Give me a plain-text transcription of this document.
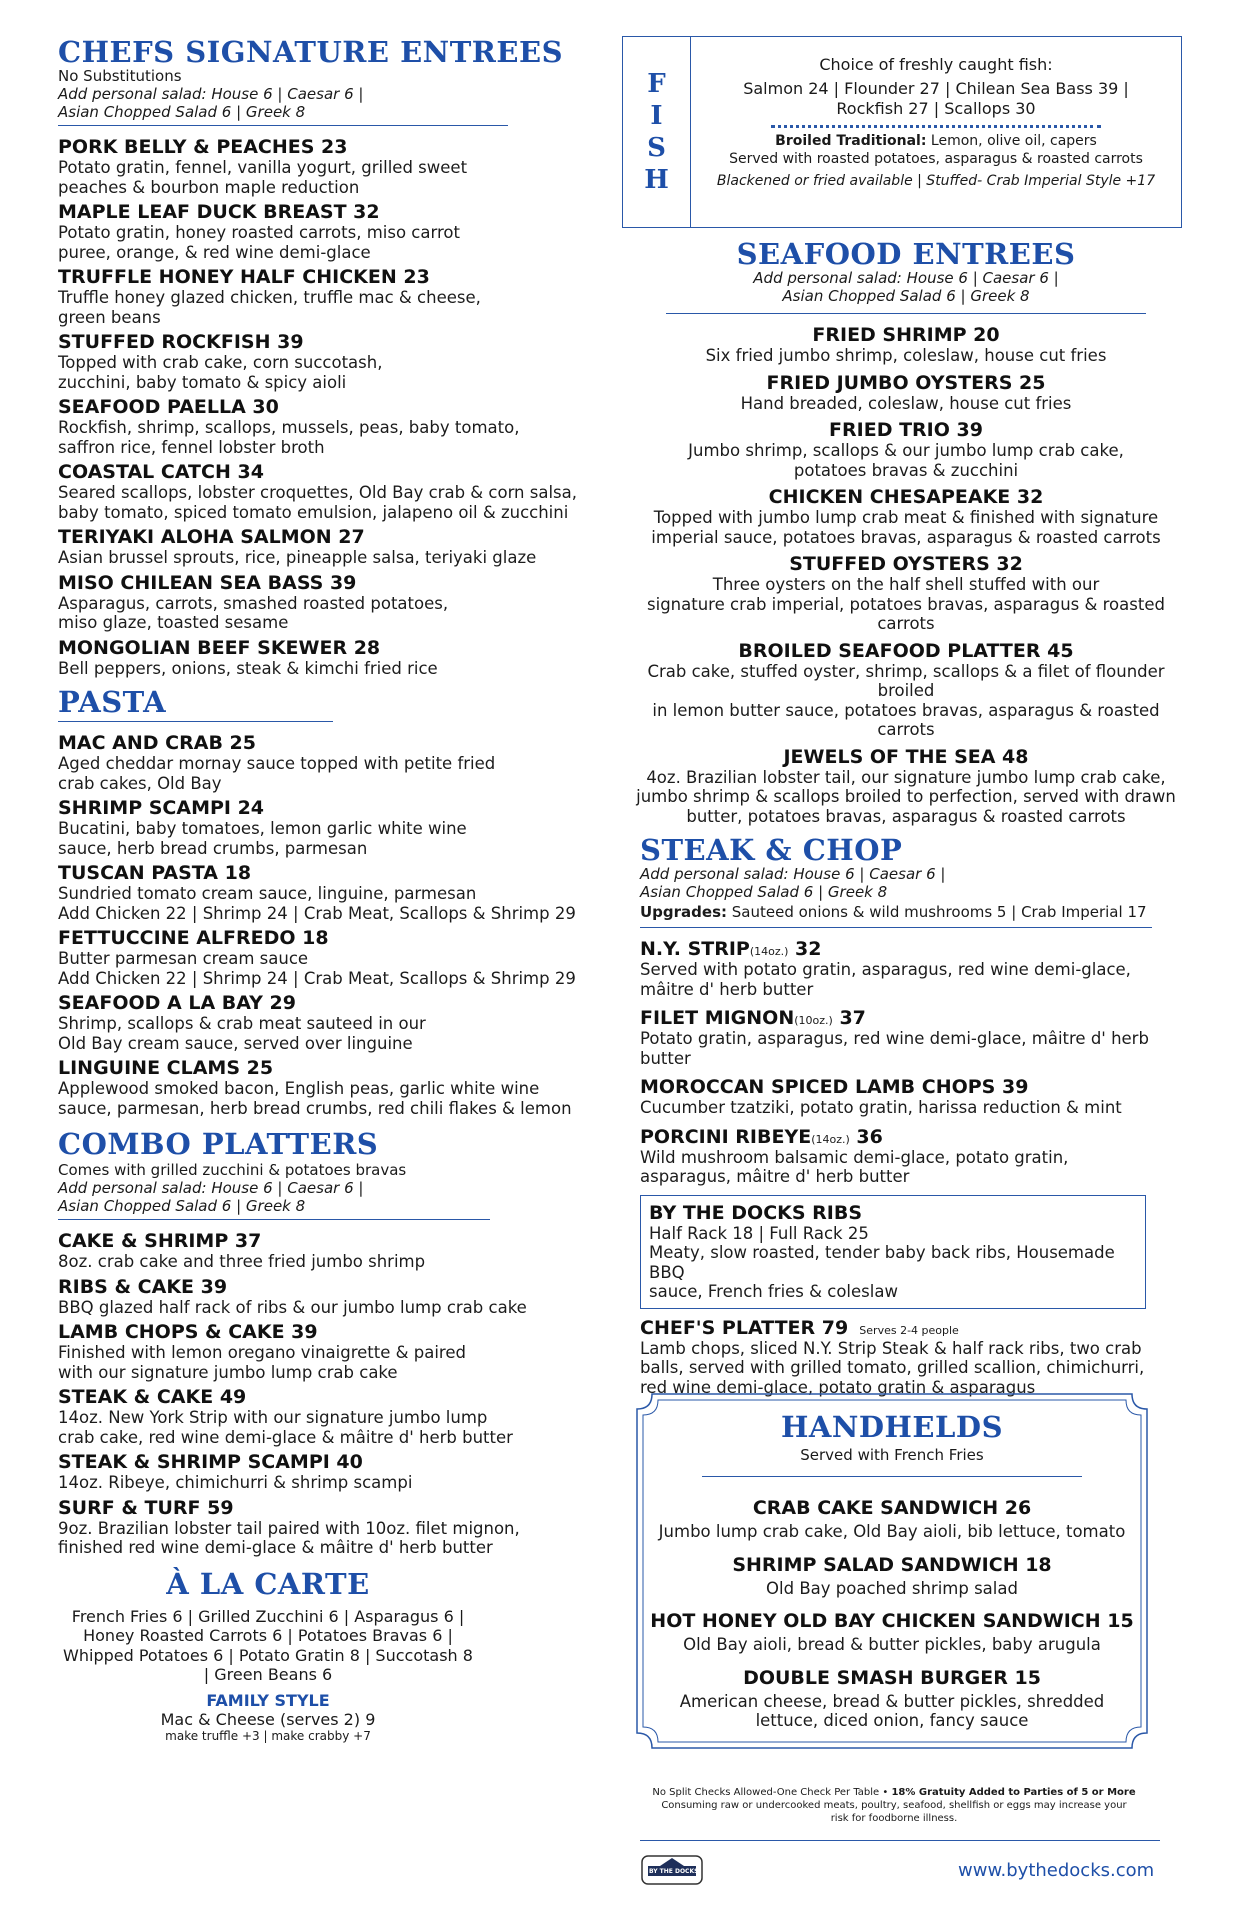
CHEFS SIGNATURE ENTREES
No Substitutions
Add personal salad: House 6 | Caesar 6 |
Asian Chopped Salad 6 | Greek 8
PORK BELLY & PEACHES 23
Potato gratin, fennel, vanilla yogurt, grilled sweet
peaches & bourbon maple reduction
MAPLE LEAF DUCK BREAST 32
Potato gratin, honey roasted carrots, miso carrot
puree, orange, & red wine demi-glace
TRUFFLE HONEY HALF CHICKEN 23
Truffle honey glazed chicken, truffle mac & cheese,
green beans
STUFFED ROCKFISH 39
Topped with crab cake, corn succotash,
zucchini, baby tomato & spicy aioli
SEAFOOD PAELLA 30
Rockfish, shrimp, scallops, mussels, peas, baby tomato,
saffron rice, fennel lobster broth
COASTAL CATCH 34
Seared scallops, lobster croquettes, Old Bay crab & corn salsa,
baby tomato, spiced tomato emulsion, jalapeno oil & zucchini
TERIYAKI ALOHA SALMON 27
Asian brussel sprouts, rice, pineapple salsa, teriyaki glaze
MISO CHILEAN SEA BASS 39
Asparagus, carrots, smashed roasted potatoes,
miso glaze, toasted sesame
MONGOLIAN BEEF SKEWER 28
Bell peppers, onions, steak & kimchi fried rice
PASTA
MAC AND CRAB 25
Aged cheddar mornay sauce topped with petite fried
crab cakes, Old Bay
SHRIMP SCAMPI 24
Bucatini, baby tomatoes, lemon garlic white wine
sauce, herb bread crumbs, parmesan
TUSCAN PASTA 18
Sundried tomato cream sauce, linguine, parmesan
Add Chicken 22 | Shrimp 24 | Crab Meat, Scallops & Shrimp 29
FETTUCCINE ALFREDO 18
Butter parmesan cream sauce
Add Chicken 22 | Shrimp 24 | Crab Meat, Scallops & Shrimp 29
SEAFOOD A LA BAY 29
Shrimp, scallops & crab meat sauteed in our
Old Bay cream sauce, served over linguine
LINGUINE CLAMS 25
Applewood smoked bacon, English peas, garlic white wine
sauce, parmesan, herb bread crumbs, red chili flakes & lemon
COMBO PLATTERS
Comes with grilled zucchini & potatoes bravas
Add personal salad: House 6 | Caesar 6 |
Asian Chopped Salad 6 | Greek 8
CAKE & SHRIMP 37
8oz. crab cake and three fried jumbo shrimp
RIBS & CAKE 39
BBQ glazed half rack of ribs & our jumbo lump crab cake
LAMB CHOPS & CAKE 39
Finished with lemon oregano vinaigrette & paired
with our signature jumbo lump crab cake
STEAK & CAKE 49
14oz. New York Strip with our signature jumbo lump
crab cake, red wine demi-glace & mâitre d' herb butter
STEAK & SHRIMP SCAMPI 40
14oz. Ribeye, chimichurri & shrimp scampi
SURF & TURF 59
9oz. Brazilian lobster tail paired with 10oz. filet mignon,
finished red wine demi-glace & mâitre d' herb butter
À LA CARTE
French Fries 6 | Grilled Zucchini 6 | Asparagus 6 |
Honey Roasted Carrots 6 | Potatoes Bravas 6 |
Whipped Potatoes 6 | Potato Gratin 8 | Succotash 8
| Green Beans 6
FAMILY STYLE
Mac & Cheese (serves 2) 9
make truffle +3 | make crabby +7
F
I
S
H
Choice of freshly caught fish:
Salmon 24 | Flounder 27 | Chilean Sea Bass 39 |
Rockfish 27 | Scallops 30
Broiled Traditional: Lemon, olive oil, capers
Served with roasted potatoes, asparagus & roasted carrots
Blackened or fried available | Stuffed- Crab Imperial Style +17
SEAFOOD ENTREES
Add personal salad: House 6 | Caesar 6 |
Asian Chopped Salad 6 | Greek 8
FRIED SHRIMP 20
Six fried jumbo shrimp, coleslaw, house cut fries
FRIED JUMBO OYSTERS 25
Hand breaded, coleslaw, house cut fries
FRIED TRIO 39
Jumbo shrimp, scallops & our jumbo lump crab cake,
potatoes bravas & zucchini
CHICKEN CHESAPEAKE 32
Topped with jumbo lump crab meat & finished with signature
imperial sauce, potatoes bravas, asparagus & roasted carrots
STUFFED OYSTERS 32
Three oysters on the half shell stuffed with our
signature crab imperial, potatoes bravas, asparagus & roasted carrots
BROILED SEAFOOD PLATTER 45
Crab cake, stuffed oyster, shrimp, scallops & a filet of flounder broiled
in lemon butter sauce, potatoes bravas, asparagus & roasted carrots
JEWELS OF THE SEA 48
4oz. Brazilian lobster tail, our signature jumbo lump crab cake,
jumbo shrimp & scallops broiled to perfection, served with drawn
butter, potatoes bravas, asparagus & roasted carrots
STEAK & CHOP
Add personal salad: House 6 | Caesar 6 |
Asian Chopped Salad 6 | Greek 8
Upgrades: Sauteed onions & wild mushrooms 5 | Crab Imperial 17
N.Y. STRIP(14oz.) 32
Served with potato gratin, asparagus, red wine demi-glace,
mâitre d' herb butter
FILET MIGNON(10oz.) 37
Potato gratin, asparagus, red wine demi-glace, mâitre d' herb butter
MOROCCAN SPICED LAMB CHOPS 39
Cucumber tzatziki, potato gratin, harissa reduction & mint
PORCINI RIBEYE(14oz.) 36
Wild mushroom balsamic demi-glace, potato gratin,
asparagus, mâitre d' herb butter
BY THE DOCKS RIBS
Half Rack 18 | Full Rack 25
Meaty, slow roasted, tender baby back ribs, Housemade BBQ
sauce, French fries & coleslaw
CHEF'S PLATTER 79 Serves 2-4 people
Lamb chops, sliced N.Y. Strip Steak & half rack ribs, two crab
balls, served with grilled tomato, grilled scallion, chimichurri,
red wine demi-glace, potato gratin & asparagus
HANDHELDS
Served with French Fries
CRAB CAKE SANDWICH 26
Jumbo lump crab cake, Old Bay aioli, bib lettuce, tomato
SHRIMP SALAD SANDWICH 18
Old Bay poached shrimp salad
HOT HONEY OLD BAY CHICKEN SANDWICH 15
Old Bay aioli, bread & butter pickles, baby arugula
DOUBLE SMASH BURGER 15
American cheese, bread & butter pickles, shredded
lettuce, diced onion, fancy sauce
No Split Checks Allowed-One Check Per Table • 18% Gratuity Added to Parties of 5 or More
Consuming raw or undercooked meats, poultry, seafood, shellfish or eggs may increase your
risk for foodborne illness.
BY THE DOCKS	www.bythedocks.com
